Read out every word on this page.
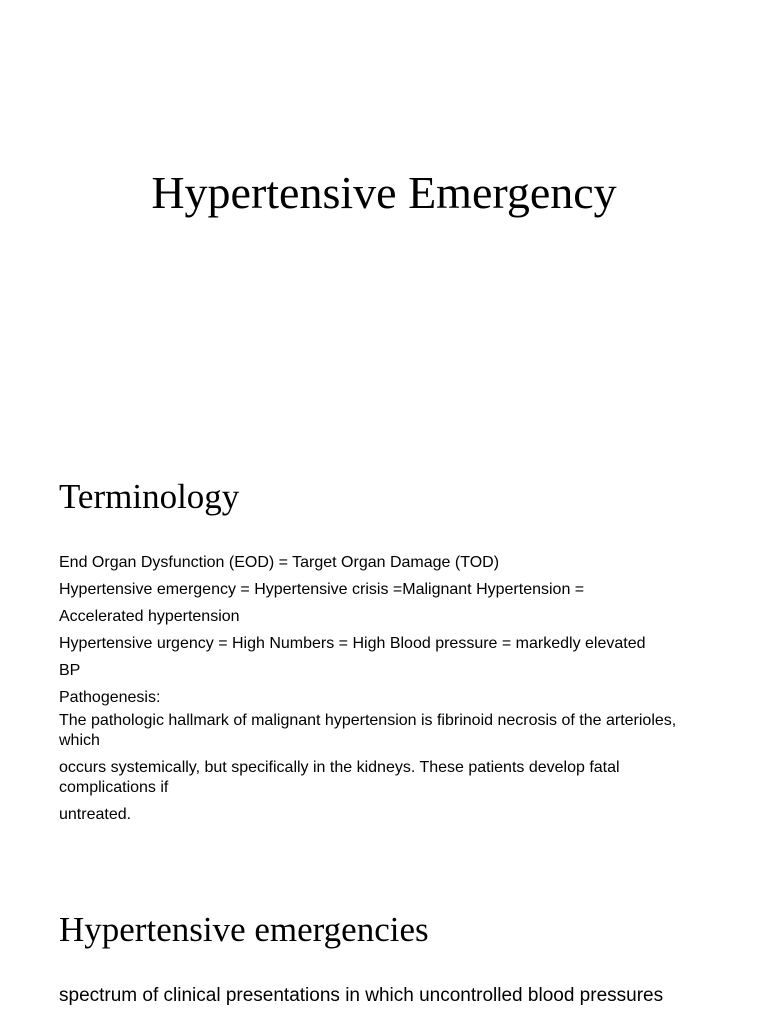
Hypertensive Emergency
Terminology

End Organ Dysfunction (EOD) = Target Organ Damage (TOD)

Hypertensive emergency = Hypertensive crisis =Malignant Hypertension =

Accelerated hypertension

Hypertensive urgency = High Numbers = High Blood pressure = markedly elevated

BP

Pathogenesis:

The pathologic hallmark of malignant hypertension is fibrinoid necrosis of the arterioles, which

occurs systemically, but specifically in the kidneys. These patients develop fatal complications if

untreated.

Hypertensive emergencies

spectrum of clinical presentations in which uncontrolled blood pressures
